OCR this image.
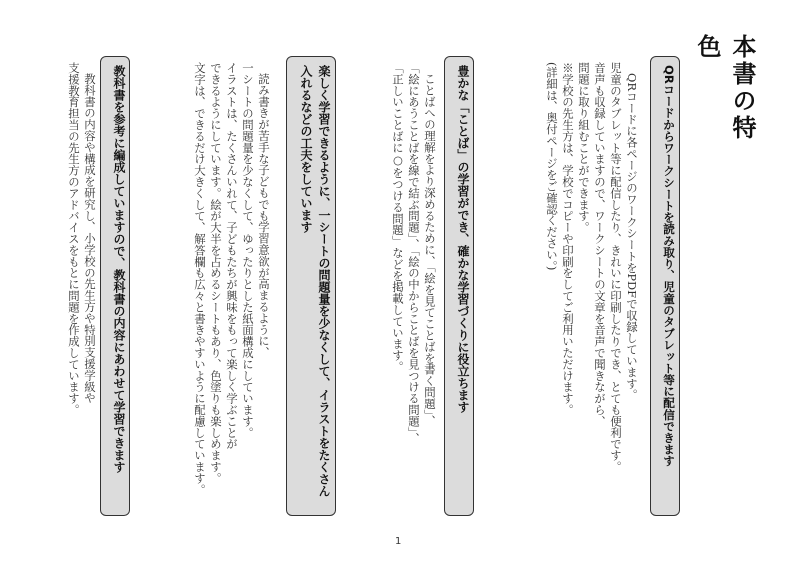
本書の特色
QRコードからワークシートを読み取り、児童のタブレット等に配信できます

QRコードに各ページのワークシートをPDFで収録しています。

児童のタブレット等に配信したり、きれいに印刷したりでき、とても便利です。

音声も収録していますので、ワークシートの文章を音声で聞きながら、

問題に取り組むことができます。

※学校の先生方は、学校でコピーや印刷をしてご利用いただけます。

(詳細は、奥付ページをご確認ください。)

豊かな「ことば」の学習ができ、確かな学習づくりに役立ちます

ことばへの理解をより深めるために、「絵を見てことばを書く問題」、

「絵にあうことばを線で結ぶ問題」、「絵の中からことばを見つける問題」、

「正しいことばに○をつける問題」などを掲載しています。

楽しく学習できるように、一シートの問題量を少なくして、イラストをたくさん入れるなどの工夫をしています

読み書きが苦手な子どもでも学習意欲が高まるように、

一シートの問題量を少なくして、ゆったりとした紙面構成にしています。

イラストは、たくさんいれて、子どもたちが興味をもって楽しく学ぶことが

できるようにしています。絵が大半を占めるシートもあり、色塗りも楽しめます。

文字は、できるだけ大きくして、解答欄も広々と書きやすいように配慮しています。

教科書を参考に編成していますので、教科書の内容にあわせて学習できます

教科書の内容や構成を研究し、小学校の先生方や特別支援学級や

支援教育担当の先生方のアドバイスをもとに問題を作成しています。

1
